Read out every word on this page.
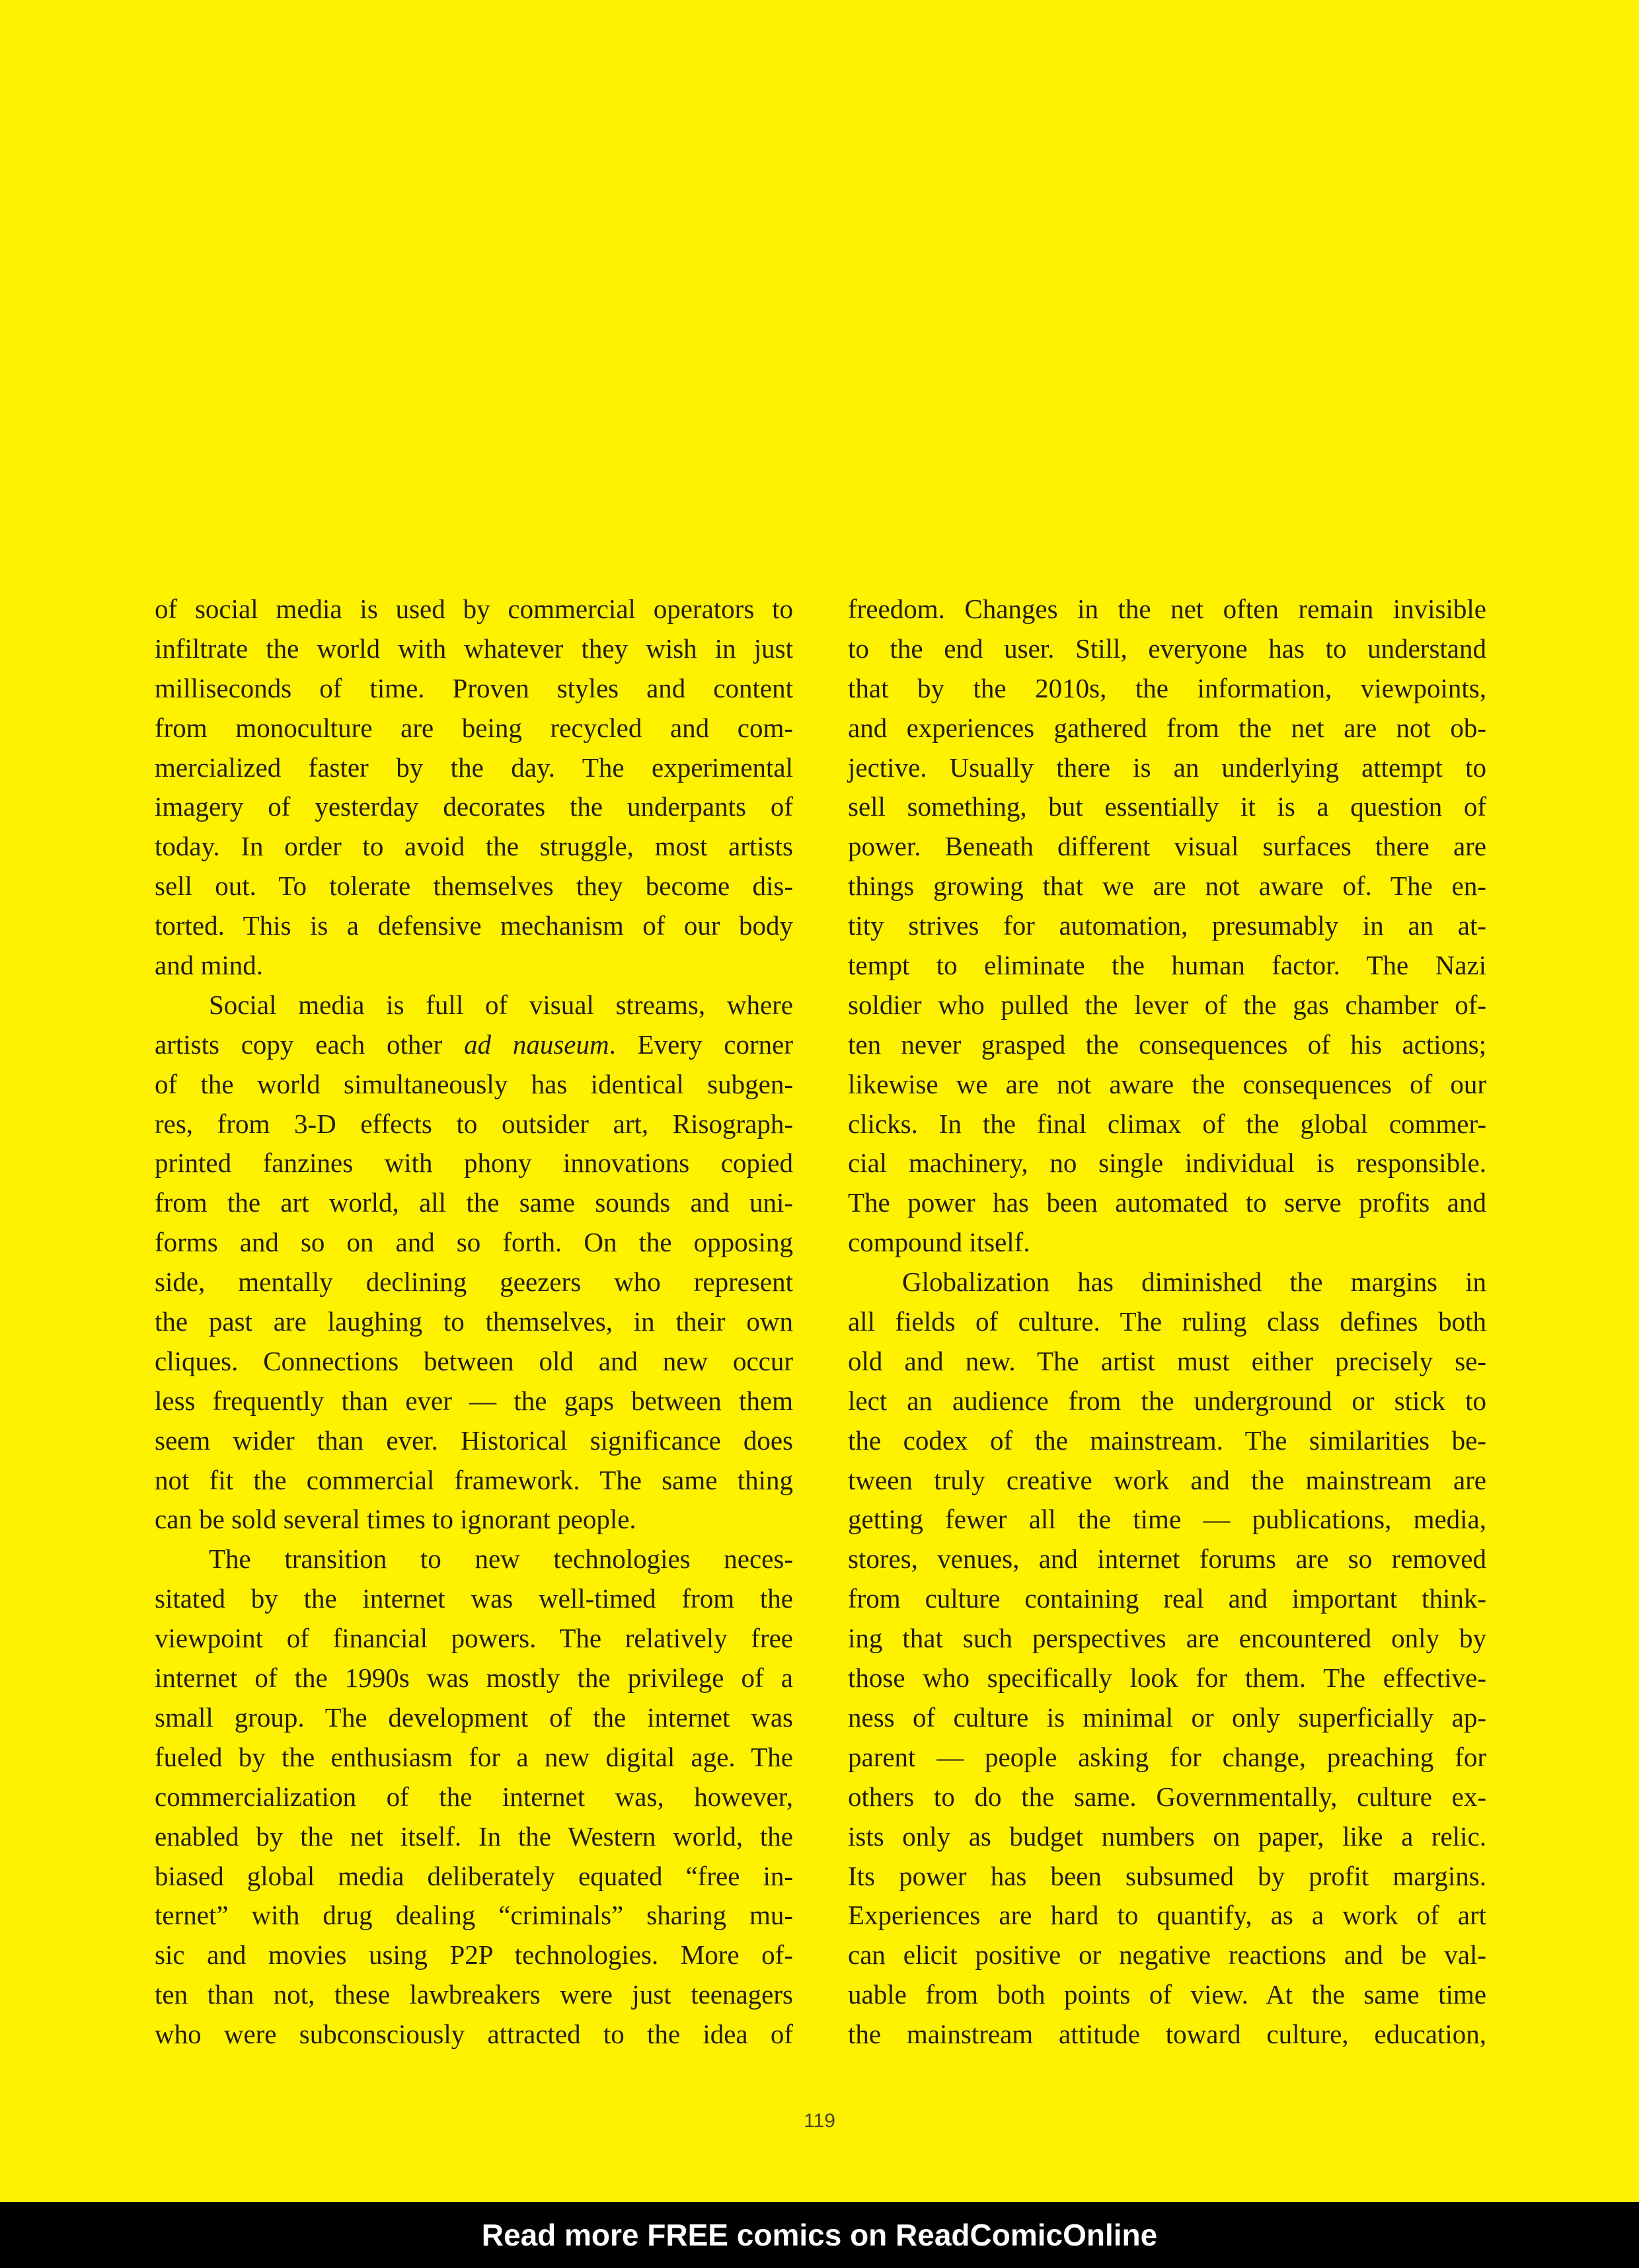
of social media is used by commercial operators to
infiltrate the world with whatever they wish in just
milliseconds of time. Proven styles and content
from monoculture are being recycled and com-
mercialized faster by the day. The experimental
imagery of yesterday decorates the underpants of
today. In order to avoid the struggle, most artists
sell out. To tolerate themselves they become dis-
torted. This is a defensive mechanism of our body
and mind.
Social media is full of visual streams, where
artists copy each other ad nauseum. Every corner
of the world simultaneously has identical subgen-
res, from 3-D effects to outsider art, Risograph-
printed fanzines with phony innovations copied
from the art world, all the same sounds and uni-
forms and so on and so forth. On the opposing
side, mentally declining geezers who represent
the past are laughing to themselves, in their own
cliques. Connections between old and new occur
less frequently than ever — the gaps between them
seem wider than ever. Historical significance does
not fit the commercial framework. The same thing
can be sold several times to ignorant people.
The transition to new technologies neces-
sitated by the internet was well-timed from the
viewpoint of financial powers. The relatively free
internet of the 1990s was mostly the privilege of a
small group. The development of the internet was
fueled by the enthusiasm for a new digital age. The
commercialization of the internet was, however,
enabled by the net itself. In the Western world, the
biased global media deliberately equated “free in-
ternet” with drug dealing “criminals” sharing mu-
sic and movies using P2P technologies. More of-
ten than not, these lawbreakers were just teenagers
who were subconsciously attracted to the idea of
freedom. Changes in the net often remain invisible
to the end user. Still, everyone has to understand
that by the 2010s, the information, viewpoints,
and experiences gathered from the net are not ob-
jective. Usually there is an underlying attempt to
sell something, but essentially it is a question of
power. Beneath different visual surfaces there are
things growing that we are not aware of. The en-
tity strives for automation, presumably in an at-
tempt to eliminate the human factor. The Nazi
soldier who pulled the lever of the gas chamber of-
ten never grasped the consequences of his actions;
likewise we are not aware the consequences of our
clicks. In the final climax of the global commer-
cial machinery, no single individual is responsible.
The power has been automated to serve profits and
compound itself.
Globalization has diminished the margins in
all fields of culture. The ruling class defines both
old and new. The artist must either precisely se-
lect an audience from the underground or stick to
the codex of the mainstream. The similarities be-
tween truly creative work and the mainstream are
getting fewer all the time — publications, media,
stores, venues, and internet forums are so removed
from culture containing real and important think-
ing that such perspectives are encountered only by
those who specifically look for them. The effective-
ness of culture is minimal or only superficially ap-
parent — people asking for change, preaching for
others to do the same. Governmentally, culture ex-
ists only as budget numbers on paper, like a relic.
Its power has been subsumed by profit margins.
Experiences are hard to quantify, as a work of art
can elicit positive or negative reactions and be val-
uable from both points of view. At the same time
the mainstream attitude toward culture, education,
119
Read more FREE comics on ReadComicOnline
